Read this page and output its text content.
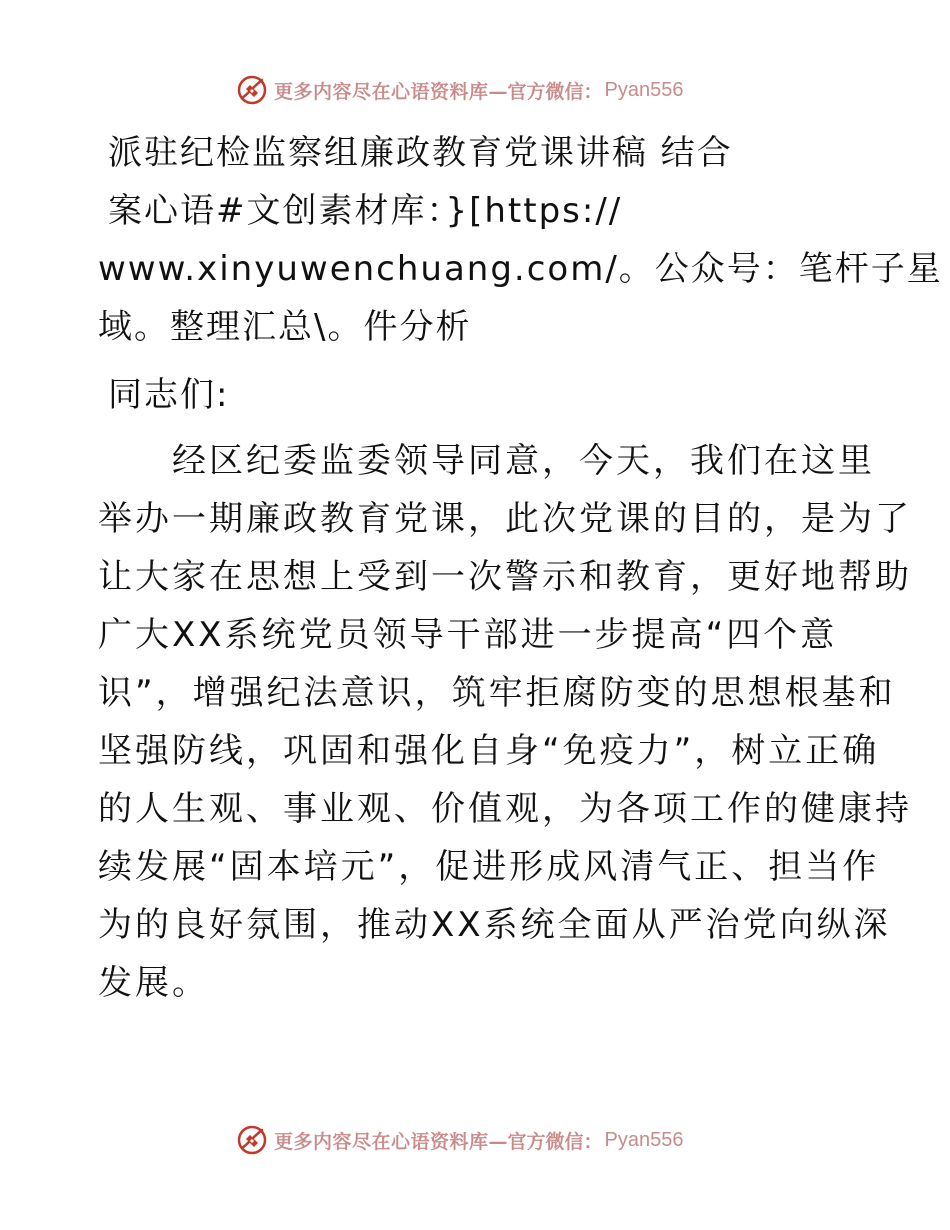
更多内容尽在心语资料库 —官方微信： Pyan556
派驻纪检监察组廉政教育党课讲稿 结合
案心语#文创素材库：}[https://
www.xinyuwenchuang.com/。公众号：笔杆子星
域。整理汇总\。件分析
同志们:
　　经区纪委监委领导同意，今天，我们在这里
举办一期廉政教育党课，此次党课的目的，是为了
让大家在思想上受到一次警示和教育，更好地帮助
广大XX系统党员领导干部进一步提高“四个意
识”，增强纪法意识，筑牢拒腐防变的思想根基和
坚强防线，巩固和强化自身“免疫力”，树立正确
的人生观、事业观、价值观，为各项工作的健康持
续发展“固本培元”，促进形成风清气正、担当作
为的良好氛围，推动XX系统全面从严治党向纵深
发展。
更多内容尽在心语资料库 —官方微信： Pyan556
